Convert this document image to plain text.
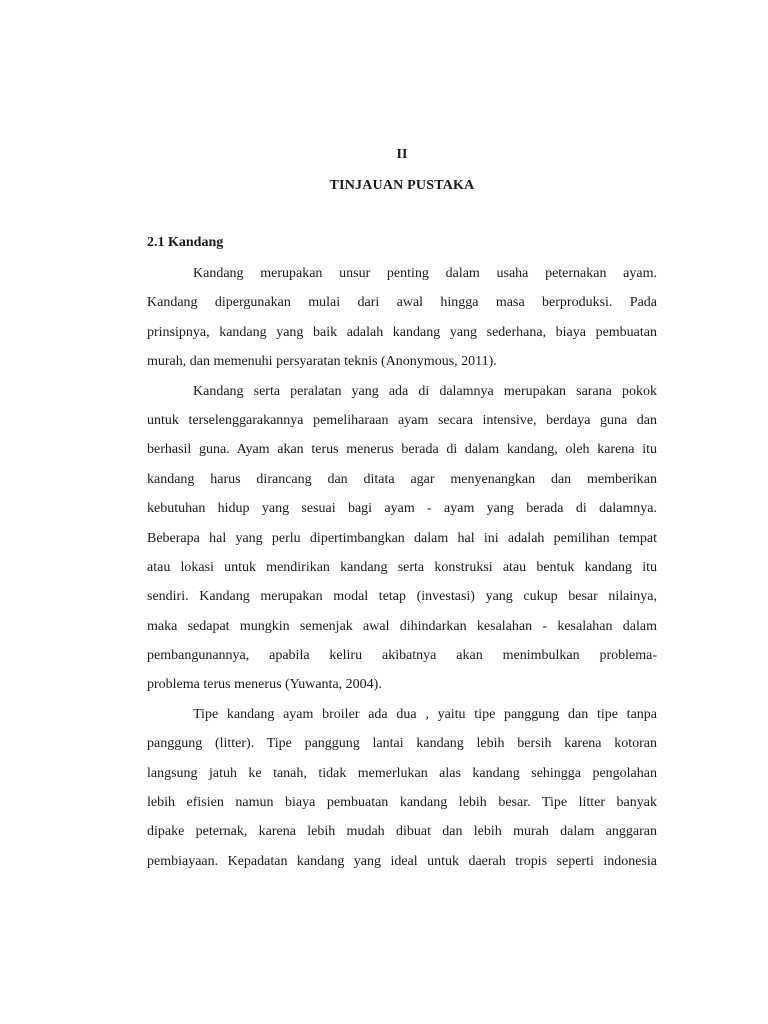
II
TINJAUAN PUSTAKA
2.1 Kandang
Kandang merupakan unsur penting dalam usaha peternakan ayam.
Kandang dipergunakan mulai dari awal hingga masa berproduksi. Pada
prinsipnya, kandang yang baik adalah kandang yang sederhana, biaya pembuatan
murah, dan memenuhi persyaratan teknis (Anonymous, 2011).
Kandang serta peralatan yang ada di dalamnya merupakan sarana pokok
untuk terselenggarakannya pemeliharaan ayam secara intensive, berdaya guna dan
berhasil guna. Ayam akan terus menerus berada di dalam kandang, oleh karena itu
kandang harus dirancang dan ditata agar menyenangkan dan memberikan
kebutuhan hidup yang sesuai bagi ayam - ayam yang berada di dalamnya.
Beberapa hal yang perlu dipertimbangkan dalam hal ini adalah pemilihan tempat
atau lokasi untuk mendirikan kandang serta konstruksi atau bentuk kandang itu
sendiri. Kandang merupakan modal tetap (investasi) yang cukup besar nilainya,
maka sedapat mungkin semenjak awal dihindarkan kesalahan - kesalahan dalam
pembangunannya, apabila keliru akibatnya akan menimbulkan problema-
problema terus menerus (Yuwanta, 2004).
Tipe kandang ayam broiler ada dua , yaitu tipe panggung dan tipe tanpa
panggung (litter). Tipe panggung lantai kandang lebih bersih karena kotoran
langsung jatuh ke tanah, tidak memerlukan alas kandang sehingga pengolahan
lebih efisien namun biaya pembuatan kandang lebih besar. Tipe litter banyak
dipake peternak, karena lebih mudah dibuat dan lebih murah dalam anggaran
pembiayaan. Kepadatan kandang yang ideal untuk daerah tropis seperti indonesia
